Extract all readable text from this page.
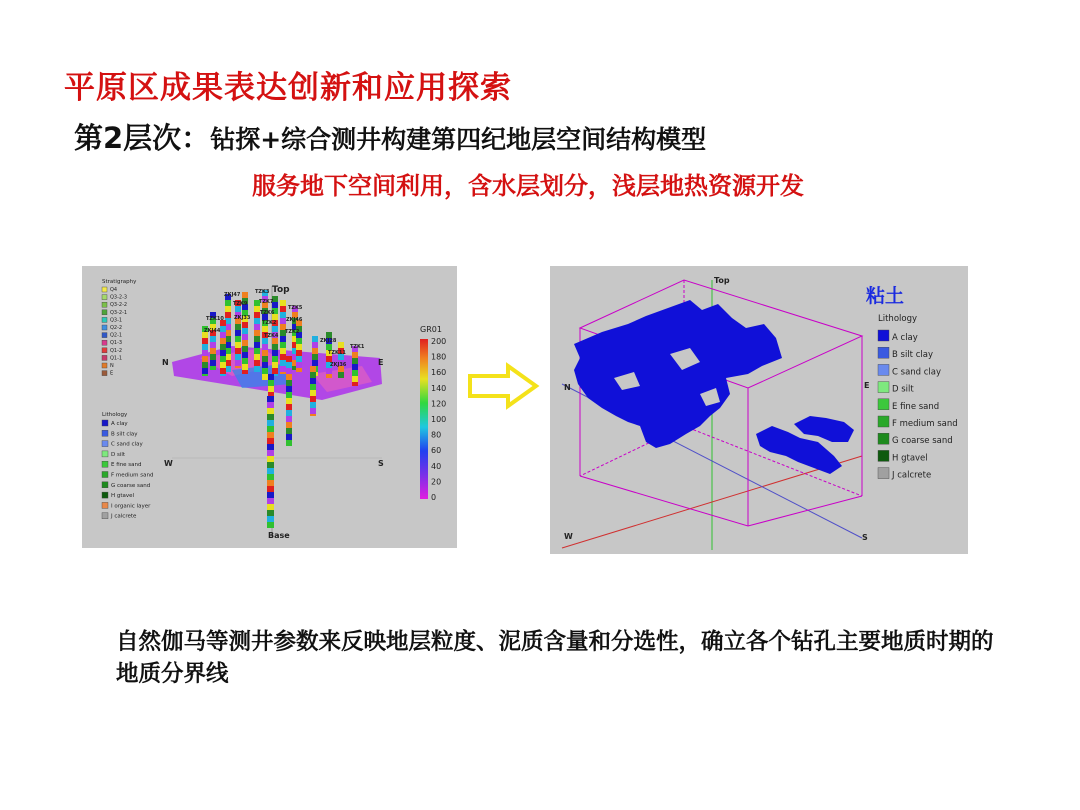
平原区成果表达创新和应用探索
第2层次：钻探+综合测井构建第四纪地层空间结构模型
服务地下空间利用，含水层划分，浅层地热资源开发
ZKJ47	TZK3
TZK9 TZK7
TZK6
TZK5
TZK10 ZKJ33	ZKJ46
TZK2
ZKJ44	TZK2
TZK4
ZKJ28
TZK11
TZK1
ZKJ36
Top
Base
N	E
W	S
Stratigraphy
Q4
Q3-2-3
Q3-2-2
Q3-2-1
Q3-1
Q2-2
Q2-1
Q1-3
Q1-2
Q1-1
N
E
Lithology
A clay
B silt clay
C sand clay
D silt
E fine sand
F medium sand
G coarse sand
H gtavel
I organic layer
J calcrete
GR01
200
180
160
140
120
100
80
60
40
20
0
Top
N	E
W	S
粘土
Lithology
A clay
B silt clay
C sand clay
D silt
E fine sand
F medium sand
G coarse sand
H gtavel
J calcrete
自然伽马等测井参数来反映地层粒度、泥质含量和分选性，确立各个钻孔主要地质时期的地质分界线
